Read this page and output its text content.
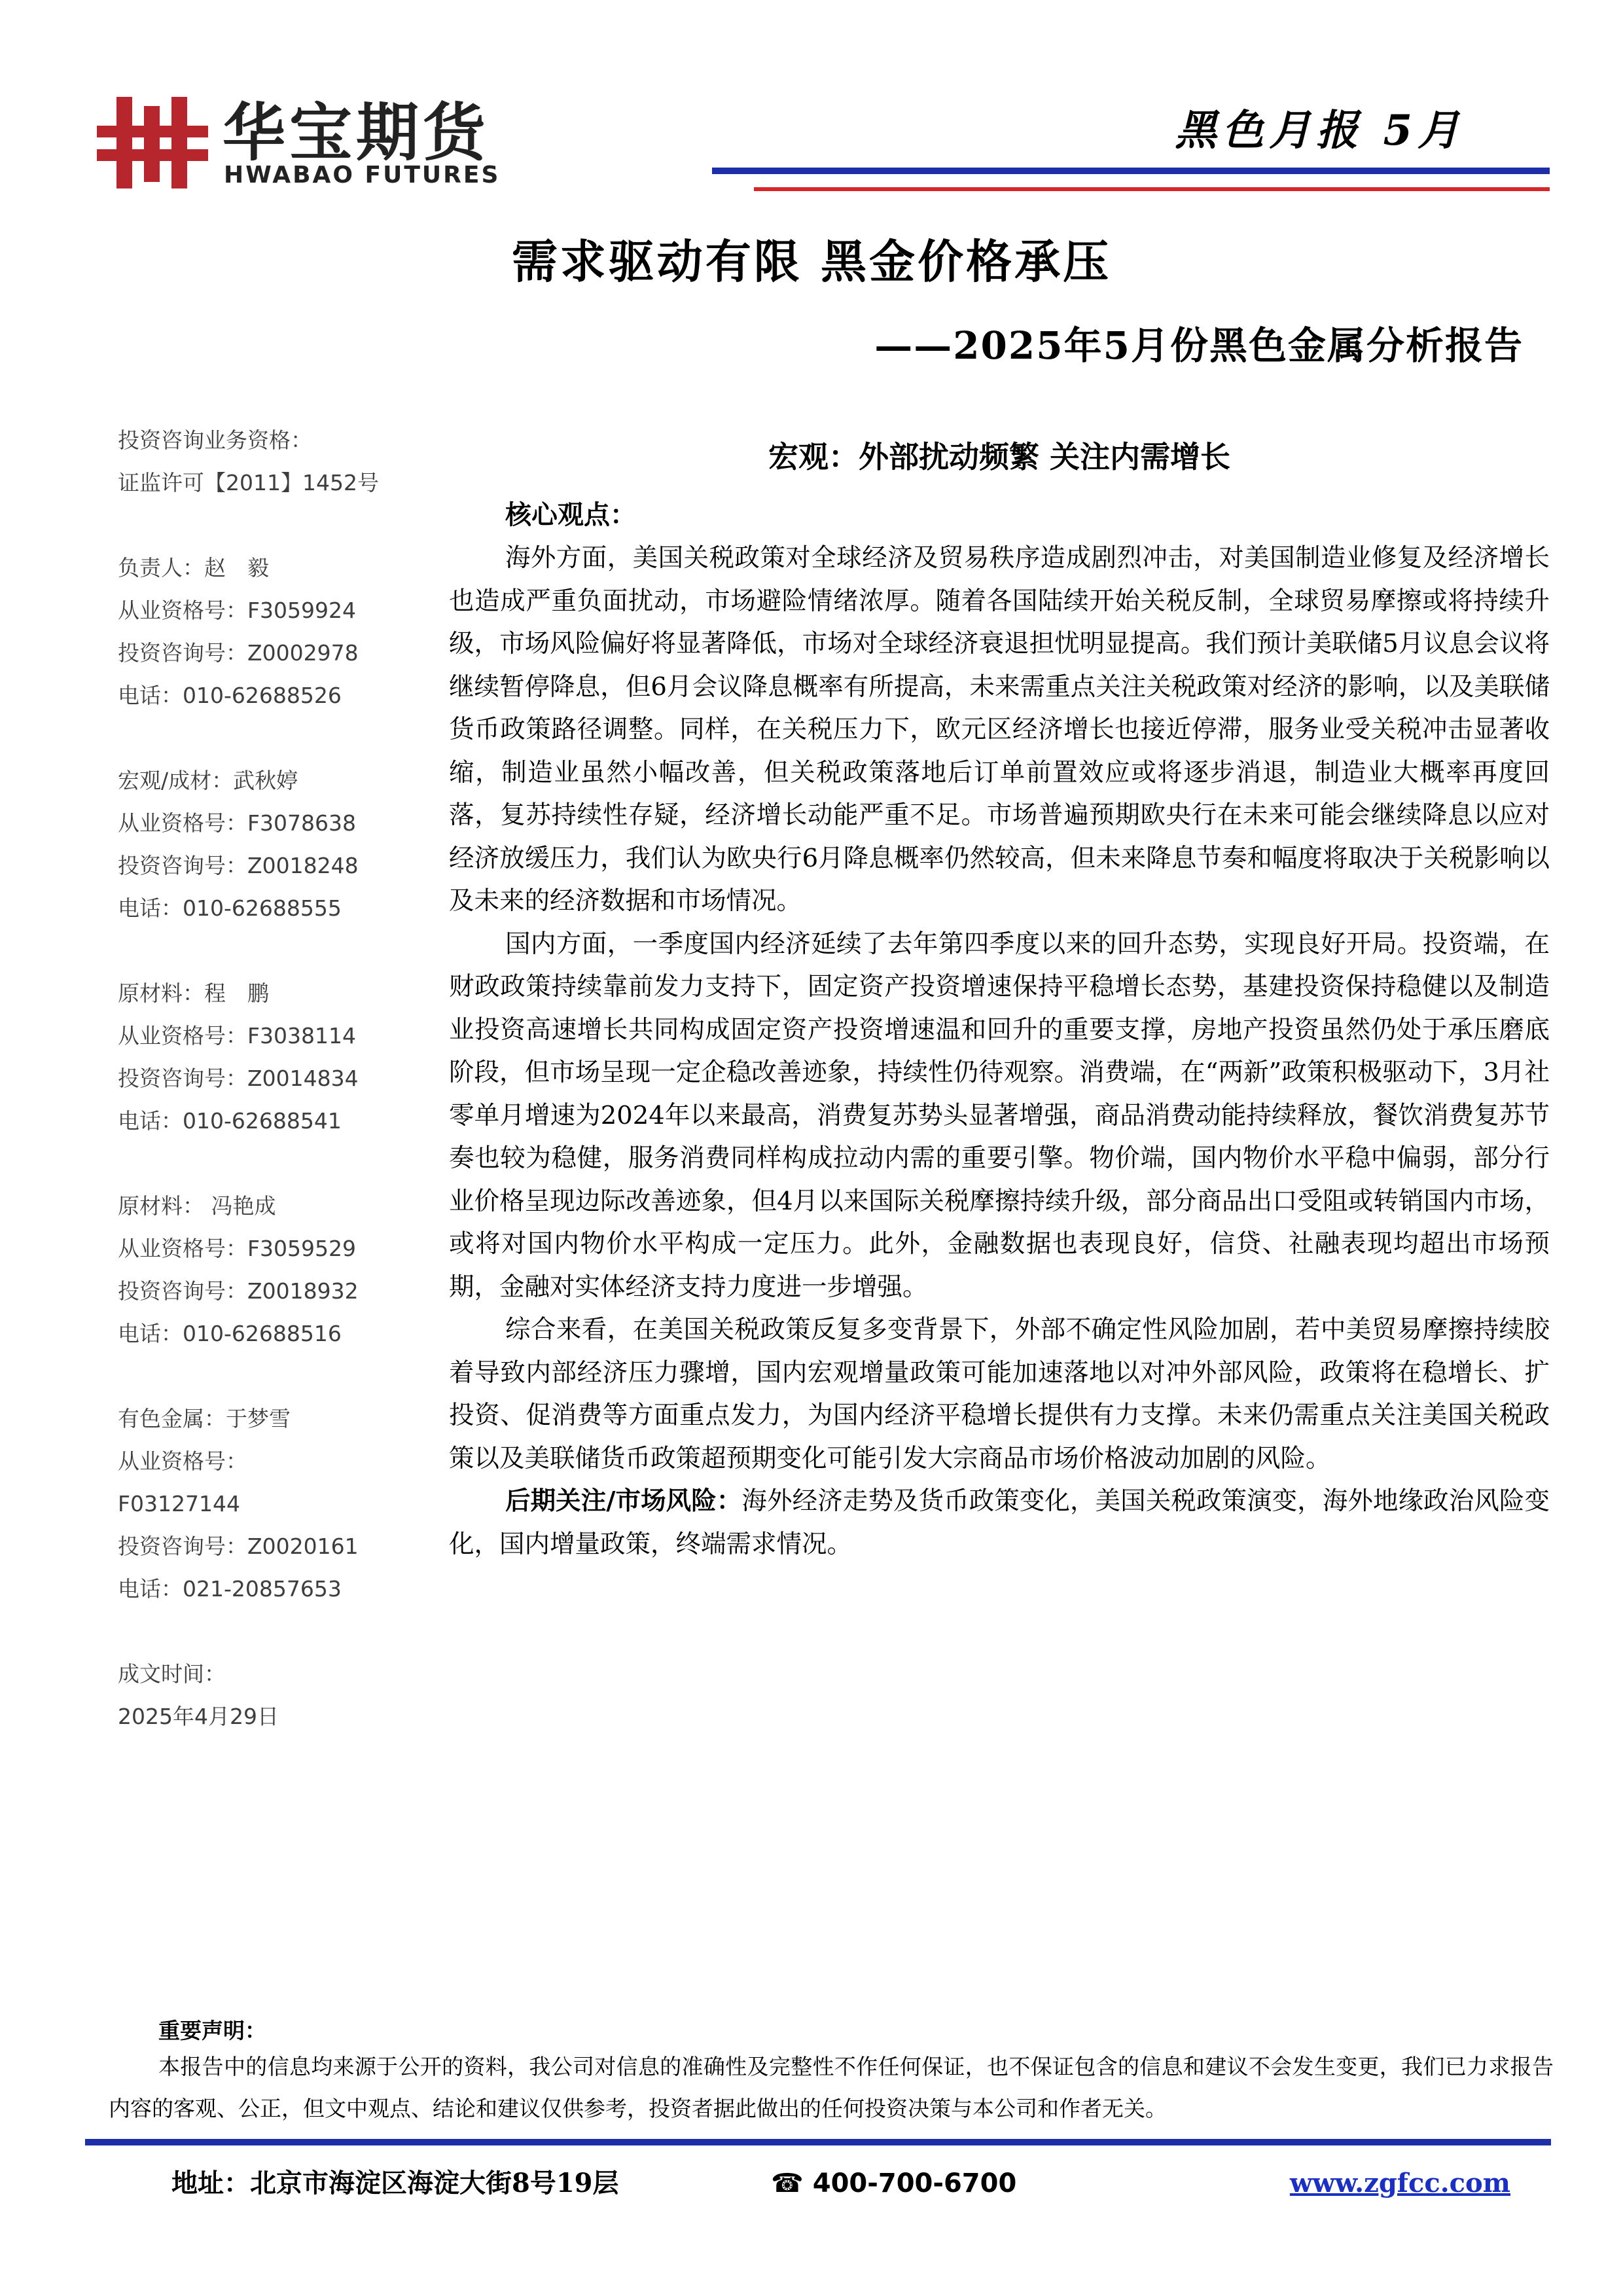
华宝期货
HWABAO FUTURES
黑色月报 5月
需求驱动有限 黑金价格承压
——2025年5月份黑色金属分析报告
投资咨询业务资格：
证监许可【2011】1452号
负责人：赵　毅
从业资格号：F3059924
投资咨询号：Z0002978
电话：010-62688526
宏观/成材：武秋婷
从业资格号：F3078638
投资咨询号：Z0018248
电话：010-62688555
原材料：程　鹏
从业资格号：F3038114
投资咨询号：Z0014834
电话：010-62688541
原材料： 冯艳成
从业资格号：F3059529
投资咨询号：Z0018932
电话：010-62688516
有色金属：于梦雪
从业资格号：
F03127144
投资咨询号：Z0020161
电话：021-20857653
成文时间：
2025年4月29日
宏观：外部扰动频繁 关注内需增长
核心观点：

海外方面，美国关税政策对全球经济及贸易秩序造成剧烈冲击，对美国制造业修复及经济增长也造成严重负面扰动，市场避险情绪浓厚。随着各国陆续开始关税反制，全球贸易摩擦或将持续升级，市场风险偏好将显著降低，市场对全球经济衰退担忧明显提高。我们预计美联储5月议息会议将继续暂停降息，但6月会议降息概率有所提高，未来需重点关注关税政策对经济的影响，以及美联储货币政策路径调整。同样，在关税压力下，欧元区经济增长也接近停滞，服务业受关税冲击显著收缩，制造业虽然小幅改善，但关税政策落地后订单前置效应或将逐步消退，制造业大概率再度回落，复苏持续性存疑，经济增长动能严重不足。市场普遍预期欧央行在未来可能会继续降息以应对经济放缓压力，我们认为欧央行6月降息概率仍然较高，但未来降息节奏和幅度将取决于关税影响以及未来的经济数据和市场情况。

国内方面，一季度国内经济延续了去年第四季度以来的回升态势，实现良好开局。投资端，在财政政策持续靠前发力支持下，固定资产投资增速保持平稳增长态势，基建投资保持稳健以及制造业投资高速增长共同构成固定资产投资增速温和回升的重要支撑，房地产投资虽然仍处于承压磨底阶段，但市场呈现一定企稳改善迹象，持续性仍待观察。消费端，在“两新”政策积极驱动下，3月社零单月增速为2024年以来最高，消费复苏势头显著增强，商品消费动能持续释放，餐饮消费复苏节奏也较为稳健，服务消费同样构成拉动内需的重要引擎。物价端，国内物价水平稳中偏弱，部分行业价格呈现边际改善迹象，但4月以来国际关税摩擦持续升级，部分商品出口受阻或转销国内市场，或将对国内物价水平构成一定压力。此外，金融数据也表现良好，信贷、社融表现均超出市场预期，金融对实体经济支持力度进一步增强。

综合来看，在美国关税政策反复多变背景下，外部不确定性风险加剧，若中美贸易摩擦持续胶着导致内部经济压力骤增，国内宏观增量政策可能加速落地以对冲外部风险，政策将在稳增长、扩投资、促消费等方面重点发力，为国内经济平稳增长提供有力支撑。未来仍需重点关注美国关税政策以及美联储货币政策超预期变化可能引发大宗商品市场价格波动加剧的风险。

后期关注/市场风险：海外经济走势及货币政策变化，美国关税政策演变，海外地缘政治风险变化，国内增量政策，终端需求情况。

重要声明：
本报告中的信息均来源于公开的资料，我公司对信息的准确性及完整性不作任何保证，也不保证包含的信息和建议不会发生变更，我们已力求报告内容的客观、公正，但文中观点、结论和建议仅供参考，投资者据此做出的任何投资决策与本公司和作者无关。
地址：北京市海淀区海淀大街8号19层	☎ 400-700-6700	www.zgfcc.com
